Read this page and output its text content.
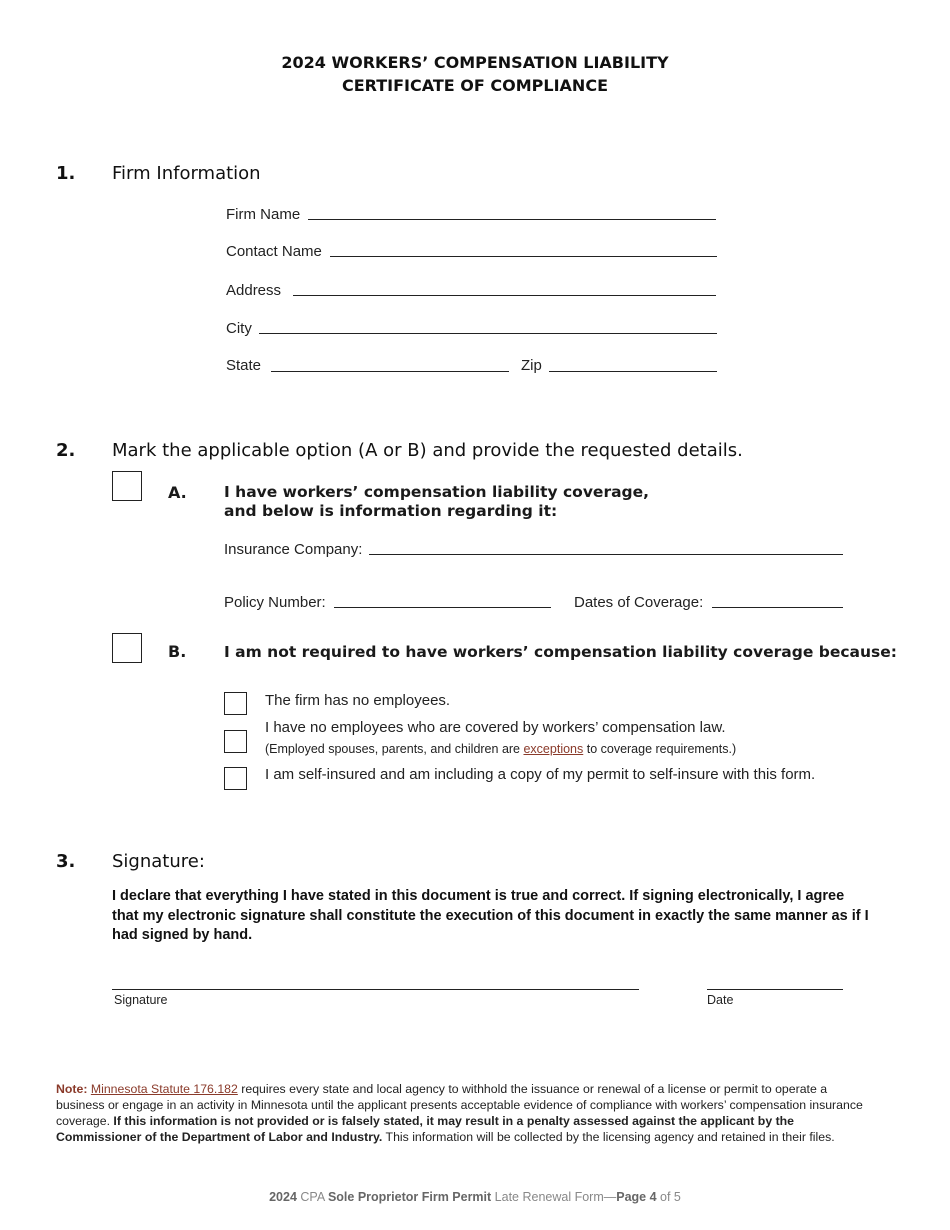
2024 WORKERS’ COMPENSATION LIABILITY
CERTIFICATE OF COMPLIANCE
1. Firm Information
Firm Name
Contact Name
Address
City
State	Zip
2. Mark the applicable option (A or B) and provide the requested details.
A. I have workers’ compensation liability coverage,
and below is information regarding it:
Insurance Company:
Policy Number:	Dates of Coverage:
B. I am not required to have workers’ compensation liability coverage because:
The firm has no employees.
I have no employees who are covered by workers’ compensation law.
(Employed spouses, parents, and children are exceptions to coverage requirements.)
I am self-insured and am including a copy of my permit to self-insure with this form.
3. Signature:
I declare that everything I have stated in this document is true and correct. If signing electronically, I agree that my electronic signature shall constitute the execution of this document in exactly the same manner as if I had signed by hand.
Signature	Date
Note: Minnesota Statute 176.182 requires every state and local agency to withhold the issuance or renewal of a license or permit to operate a business or engage in an activity in Minnesota until the applicant presents acceptable evidence of compliance with workers’ compensation insurance coverage. If this information is not provided or is falsely stated, it may result in a penalty assessed against the applicant by the Commissioner of the Department of Labor and Industry. This information will be collected by the licensing agency and retained in their files.
2024 CPA Sole Proprietor Firm Permit Late Renewal Form—Page 4 of 5
